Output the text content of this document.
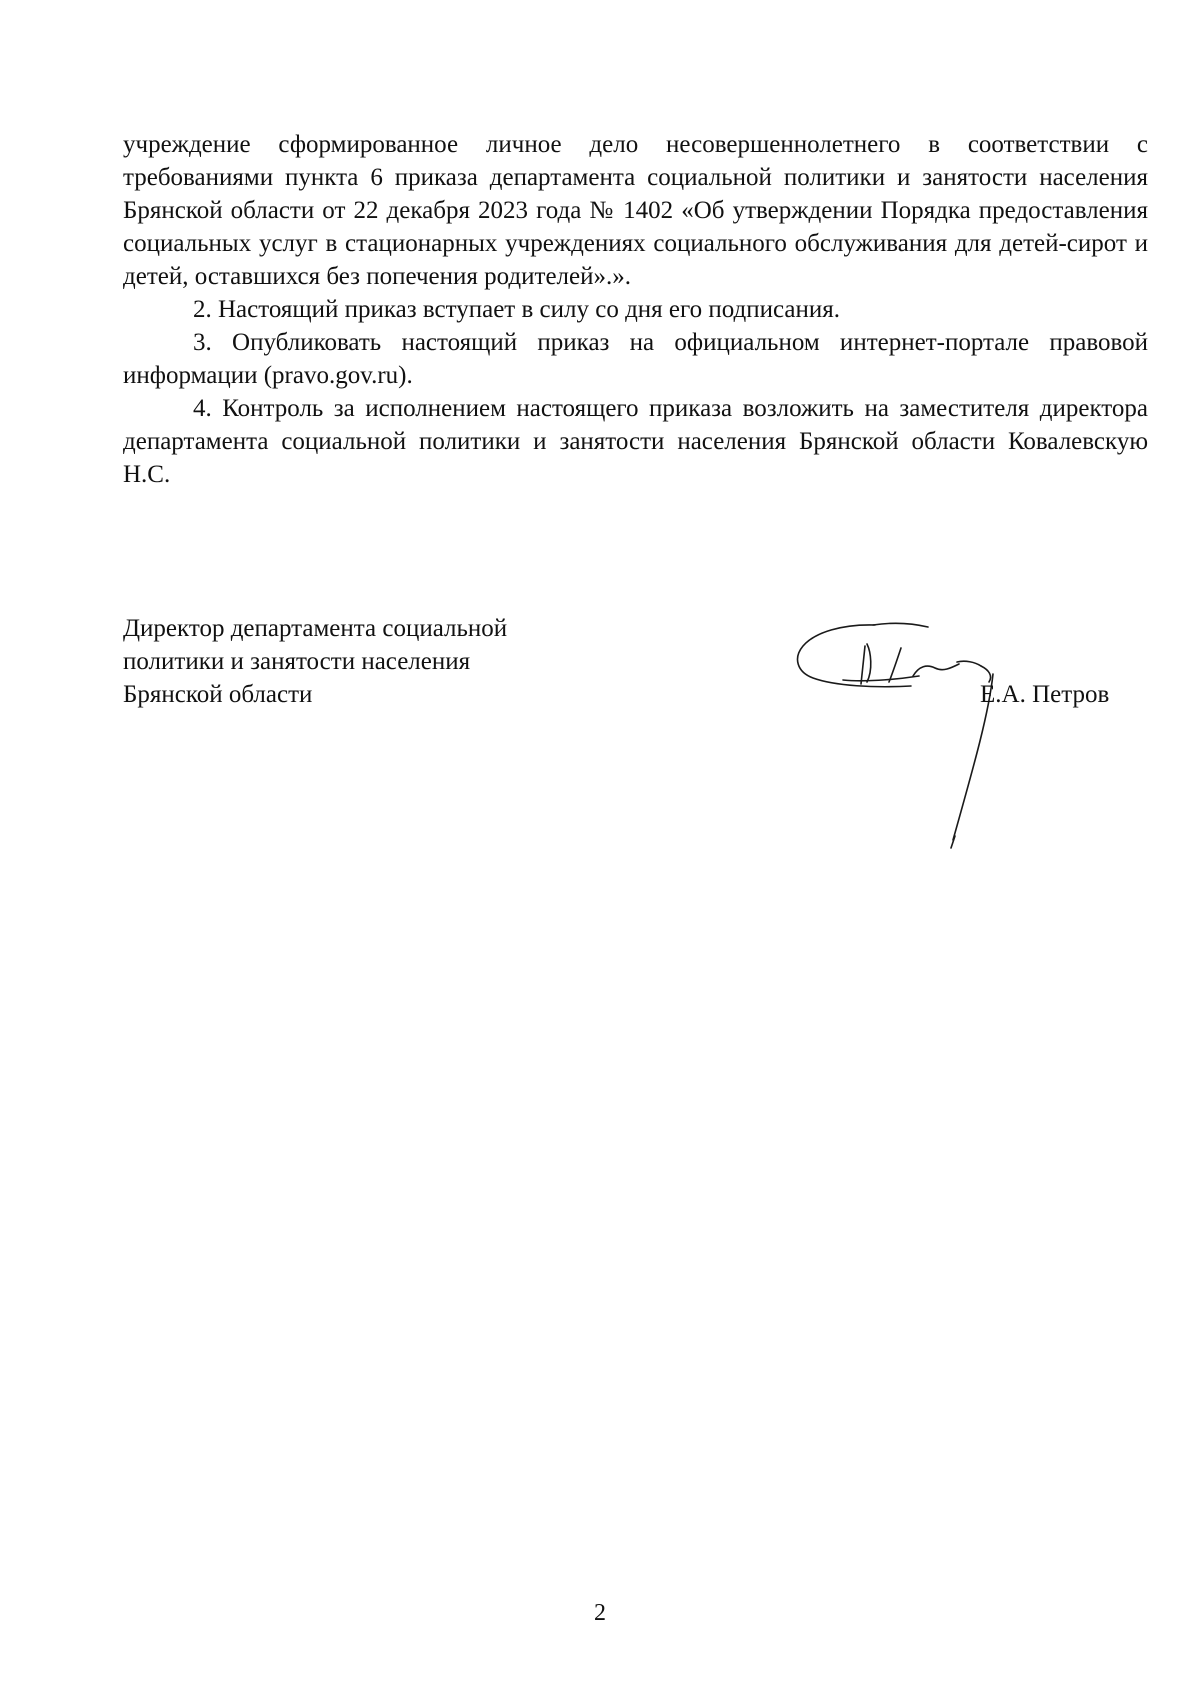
учреждение сформированное личное дело несовершеннолетнего в соответствии с требованиями пункта 6 приказа департамента социальной политики и занятости населения Брянской области от 22 декабря 2023 года № 1402 «Об утверждении Порядка предоставления социальных услуг в стационарных учреждениях социального обслуживания для детей-сирот и детей, оставшихся без попечения родителей».».

2. Настоящий приказ вступает в силу со дня его подписания.

3. Опубликовать настоящий приказ на официальном интернет-портале правовой информации (pravo.gov.ru).

4. Контроль за исполнением настоящего приказа возложить на заместителя директора департамента социальной политики и занятости населения Брянской области Ковалевскую Н.С.

Директор департамента социальной
политики и занятости населения
Брянской области	Е.А. Петров
2
